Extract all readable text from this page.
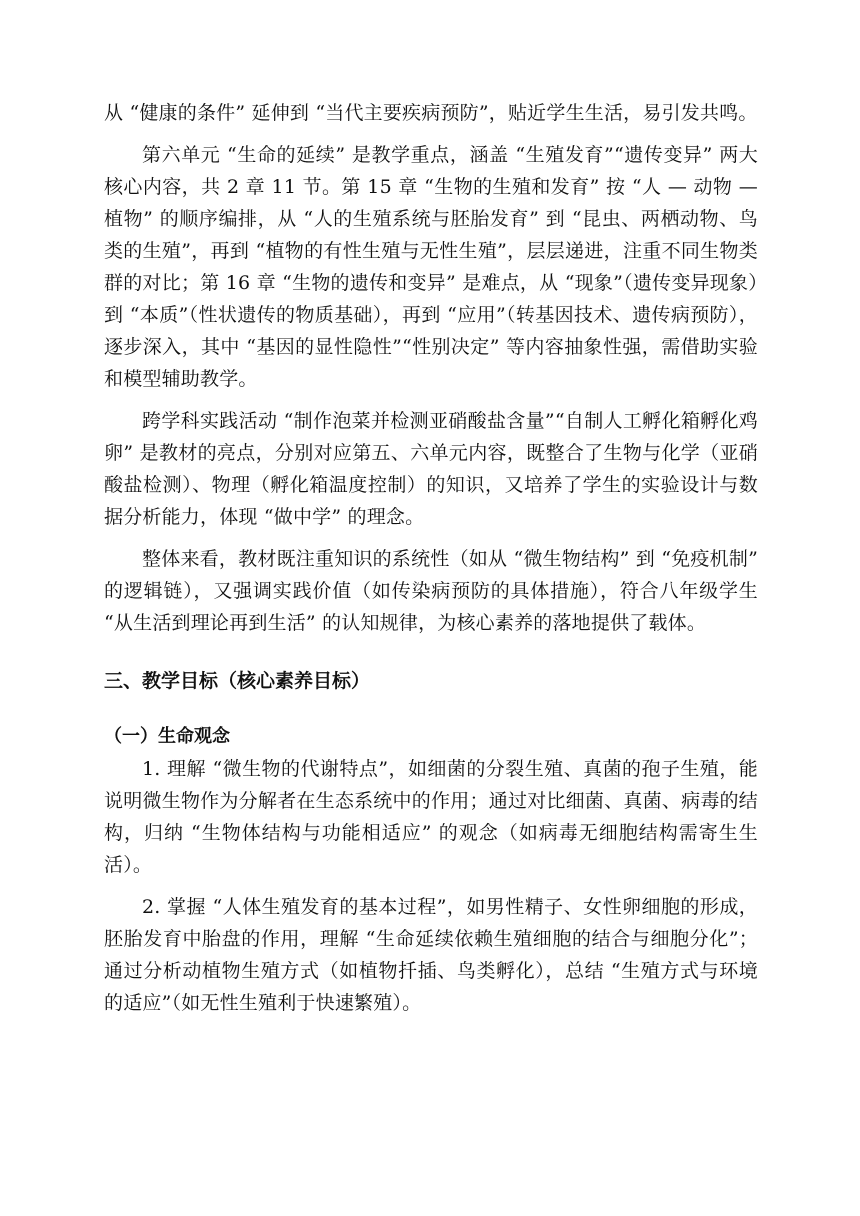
从 “健康的条件” 延伸到 “当代主要疾病预防”，贴近学生生活，易引发共鸣。

第六单元 “生命的延续” 是教学重点，涵盖 “生殖发育”“遗传变异” 两大核心内容，共 2 章 11 节。第 15 章 “生物的生殖和发育” 按 “人 — 动物 — 植物” 的顺序编排，从 “人的生殖系统与胚胎发育” 到 “昆虫、两栖动物、鸟类的生殖”，再到 “植物的有性生殖与无性生殖”，层层递进，注重不同生物类群的对比；第 16 章 “生物的遗传和变异” 是难点，从 “现象”（遗传变异现象）到 “本质”（性状遗传的物质基础），再到 “应用”（转基因技术、遗传病预防），逐步深入，其中 “基因的显性隐性”“性别决定” 等内容抽象性强，需借助实验和模型辅助教学。

跨学科实践活动 “制作泡菜并检测亚硝酸盐含量”“自制人工孵化箱孵化鸡卵” 是教材的亮点，分别对应第五、六单元内容，既整合了生物与化学（亚硝酸盐检测）、物理（孵化箱温度控制）的知识，又培养了学生的实验设计与数据分析能力，体现 “做中学” 的理念。

整体来看，教材既注重知识的系统性（如从 “微生物结构” 到 “免疫机制” 的逻辑链），又强调实践价值（如传染病预防的具体措施），符合八年级学生 “从生活到理论再到生活” 的认知规律，为核心素养的落地提供了载体。

三、教学目标（核心素养目标）
（一）生命观念

1. 理解 “微生物的代谢特点”，如细菌的分裂生殖、真菌的孢子生殖，能说明微生物作为分解者在生态系统中的作用；通过对比细菌、真菌、病毒的结构，归纳 “生物体结构与功能相适应” 的观念（如病毒无细胞结构需寄生生活）。

2. 掌握 “人体生殖发育的基本过程”，如男性精子、女性卵细胞的形成，胚胎发育中胎盘的作用，理解 “生命延续依赖生殖细胞的结合与细胞分化”；通过分析动植物生殖方式（如植物扦插、鸟类孵化），总结 “生殖方式与环境的适应”（如无性生殖利于快速繁殖）。
